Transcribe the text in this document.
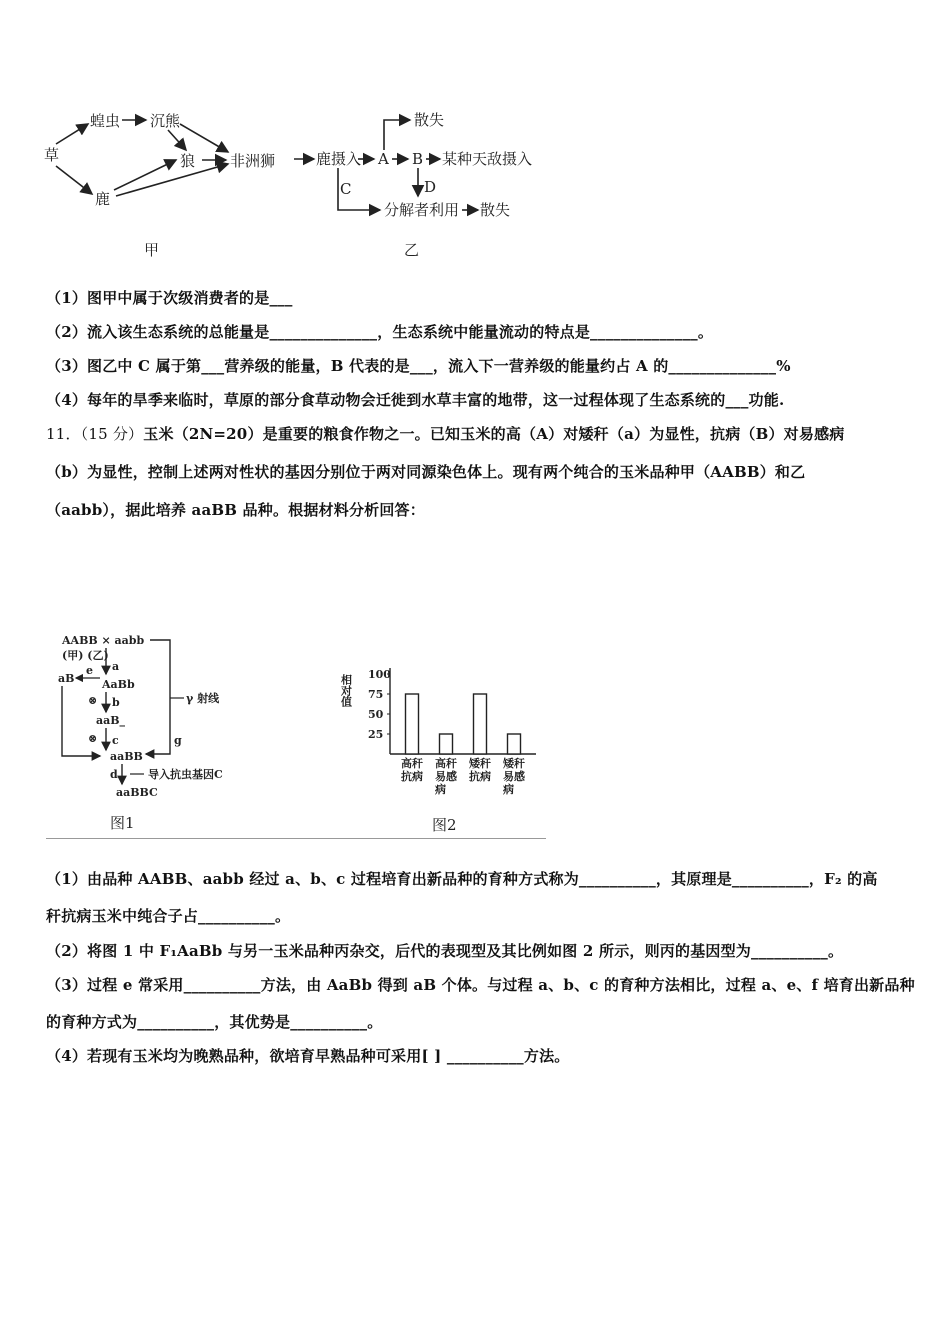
草
蝗虫 沉熊
鹿
狼 非洲狮
甲
鹿摄入 A B 某种天敌摄入
散失
D
C
分解者利用 散失
乙
（1）图甲中属于次级消费者的是___
（2）流入该生态系统的总能量是______________，生态系统中能量流动的特点是______________。
（3）图乙中 C 属于第___营养级的能量，B 代表的是___，流入下一营养级的能量约占 A 的______________%
（4）每年的旱季来临时，草原的部分食草动物会迁徙到水草丰富的地带，这一过程体现了生态系统的___功能.
11．（15 分）玉米（2N=20）是重要的粮食作物之一。已知玉米的高（A）对矮秆（a）为显性，抗病（B）对易感病
（b）为显性，控制上述两对性状的基因分别位于两对同源染色体上。现有两个纯合的玉米品种甲（AABB）和乙
（aabb），据此培养 aaBB 品种。根据材料分析回答：
AABB × aabb
(甲) (乙)
a
aB
e
AaBb
⊗ b
aaB_
⊗ c
aaBB
γ 射线
g
d	导入抗虫基因C
aaBBC
图1
相对值 100
75
50
25
高秆
抗病
高秆
易感
病
矮秆
抗病
矮秆
易感
病
图2
（1）由品种 AABB、aabb 经过 a、b、c 过程培育出新品种的育种方式称为__________，其原理是__________，F₂ 的高
秆抗病玉米中纯合子占__________。
（2）将图 1 中 F₁AaBb 与另一玉米品种丙杂交，后代的表现型及其比例如图 2 所示，则丙的基因型为__________。
（3）过程 e 常采用__________方法，由 AaBb 得到 aB 个体。与过程 a、b、c 的育种方法相比，过程 a、e、f 培育出新品种
的育种方式为__________，其优势是__________。
（4）若现有玉米均为晚熟品种，欲培育早熟品种可采用[ ] __________方法。
